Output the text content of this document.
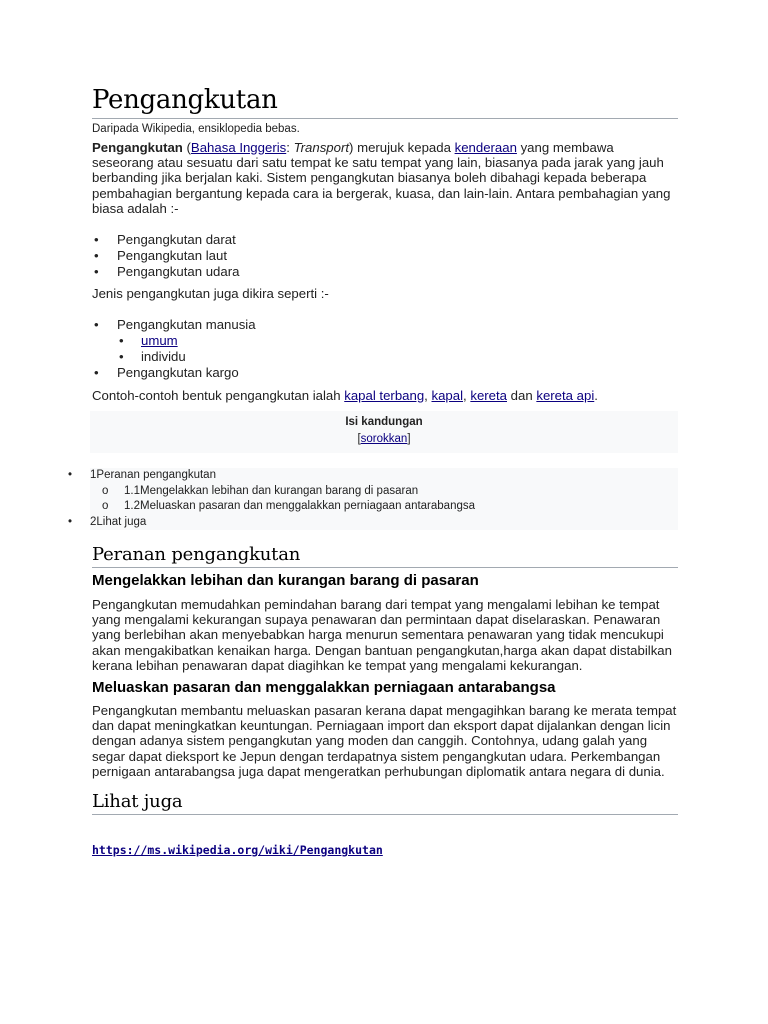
Pengangkutan
Daripada Wikipedia, ensiklopedia bebas.

Pengangkutan (Bahasa Inggeris: Transport) merujuk kepada kenderaan yang membawa seseorang atau sesuatu dari satu tempat ke satu tempat yang lain, biasanya pada jarak yang jauh berbanding jika berjalan kaki. Sistem pengangkutan biasanya boleh dibahagi kepada beberapa pembahagian bergantung kepada cara ia bergerak, kuasa, dan lain-lain. Antara pembahagian yang biasa adalah :-

• Pengangkutan darat
• Pengangkutan laut
• Pengangkutan udara

Jenis pengangkutan juga dikira seperti :-

• Pengangkutan manusia
• umum
• individu
• Pengangkutan kargo

Contoh-contoh bentuk pengangkutan ialah kapal terbang, kapal, kereta dan kereta api.

Isi kandungan
[sorokkan]
•	1Peranan pengangkutan
o	1.1Mengelakkan lebihan dan kurangan barang di pasaran
o	1.2Meluaskan pasaran dan menggalakkan perniagaan antarabangsa
•	2Lihat juga
Peranan pengangkutan
Mengelakkan lebihan dan kurangan barang di pasaran

Pengangkutan memudahkan pemindahan barang dari tempat yang mengalami lebihan ke tempat yang mengalami kekurangan supaya penawaran dan permintaan dapat diselaraskan. Penawaran yang berlebihan akan menyebabkan harga menurun sementara penawaran yang tidak mencukupi akan mengakibatkan kenaikan harga. Dengan bantuan pengangkutan,harga akan dapat distabilkan kerana lebihan penawaran dapat diagihkan ke tempat yang mengalami kekurangan.

Meluaskan pasaran dan menggalakkan perniagaan antarabangsa

Pengangkutan membantu meluaskan pasaran kerana dapat mengagihkan barang ke merata tempat dan dapat meningkatkan keuntungan. Perniagaan import dan eksport dapat dijalankan dengan licin dengan adanya sistem pengangkutan yang moden dan canggih. Contohnya, udang galah yang segar dapat dieksport ke Jepun dengan terdapatnya sistem pengangkutan udara. Perkembangan pernigaan antarabangsa juga dapat mengeratkan perhubungan diplomatik antara negara di dunia.

Lihat juga
https://ms.wikipedia.org/wiki/Pengangkutan
